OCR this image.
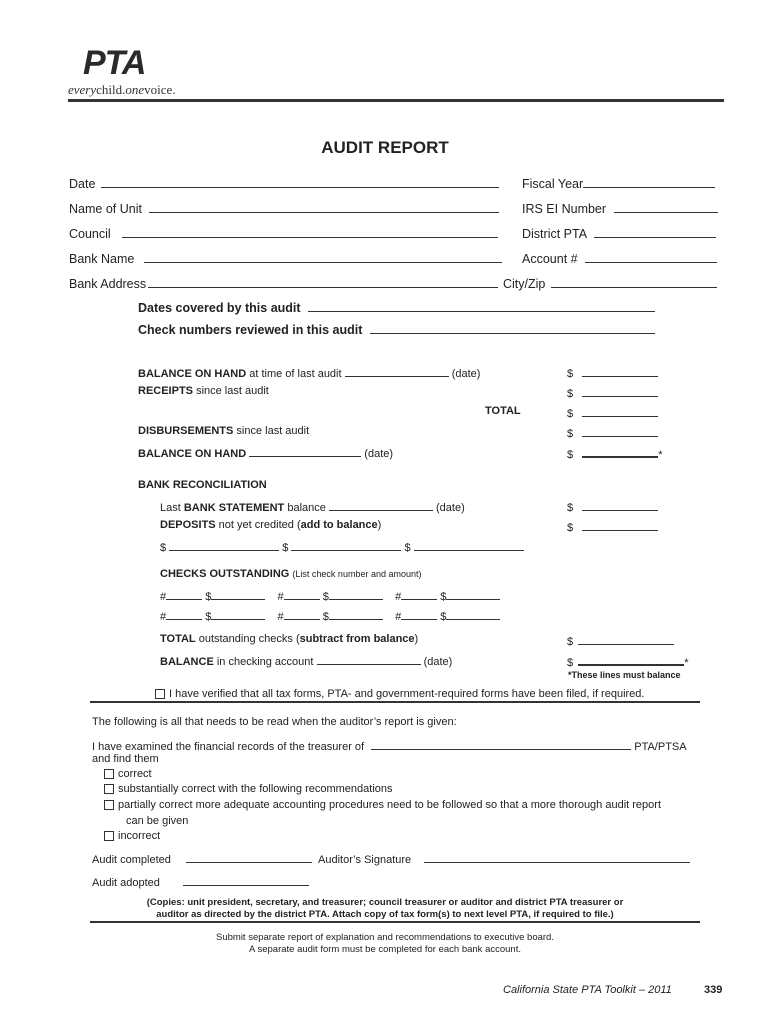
PTA
everychild.onevoice.
AUDIT REPORT
Date	Fiscal Year
Name of Unit	IRS EI Number
Council	District PTA
Bank Name	Account #
Bank Address	City/Zip
Dates covered by this audit
Check numbers reviewed in this audit
BALANCE ON HAND at time of last audit	(date)	$
RECEIPTS since last audit	$
TOTAL	$
DISBURSEMENTS since last audit	$
BALANCE ON HAND	(date)	$	*
BANK RECONCILIATION
Last BANK STATEMENT balance	(date)	$
DEPOSITS not yet credited (add to balance)	$
$	$	$
CHECKS OUTSTANDING (List check number and amount)
#	$	#	$	#	$
#	$	#	$	#	$
TOTAL outstanding checks (subtract from balance)	$
BALANCE in checking account	(date)	$	*
*These lines must balance
I have verified that all tax forms, PTA- and government-required forms have been filed, if required.
The following is all that needs to be read when the auditor’s report is given:
I have examined the financial records of the treasurer of	PTA/PTSA
and find them
correct
substantially correct with the following recommendations
partially correct more adequate accounting procedures need to be followed so that a more thorough audit report
can be given
incorrect
Audit completed	Auditor’s Signature
Audit adopted
(Copies: unit president, secretary, and treasurer; council treasurer or auditor and district PTA treasurer or
auditor as directed by the district PTA. Attach copy of tax form(s) to next level PTA, if required to file.)
Submit separate report of explanation and recommendations to executive board.
A separate audit form must be completed for each bank account.
California State PTA Toolkit – 2011	339
